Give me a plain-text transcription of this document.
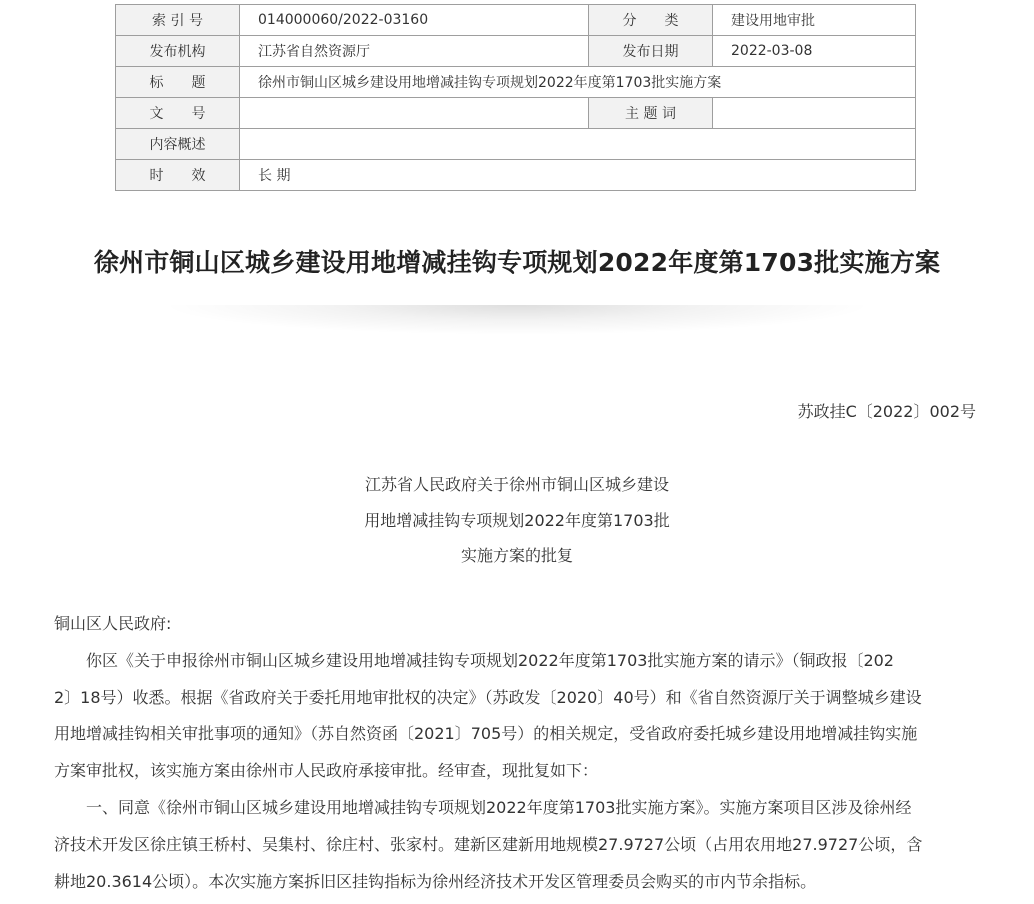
索 引 号	014000060/2022-03160	分　　类	建设用地审批
发布机构	江苏省自然资源厅	发布日期	2022-03-08
标　　题	徐州市铜山区城乡建设用地增减挂钩专项规划2022年度第1703批实施方案		
文　　号		主 题 词	
内容概述			
时　　效	长 期		
徐州市铜山区城乡建设用地增减挂钩专项规划2022年度第1703批实施方案
苏政挂C〔2022〕002号
江苏省人民政府关于徐州市铜山区城乡建设
用地增减挂钩专项规划2022年度第1703批
实施方案的批复
铜山区人民政府:
　　你区《关于申报徐州市铜山区城乡建设用地增减挂钩专项规划2022年度第1703批实施方案的请示》（铜政报〔202
2〕18号）收悉。根据《省政府关于委托用地审批权的决定》（苏政发〔2020〕40号）和《省自然资源厅关于调整城乡建设
用地增减挂钩相关审批事项的通知》（苏自然资函〔2021〕705号）的相关规定，受省政府委托城乡建设用地增减挂钩实施
方案审批权，该实施方案由徐州市人民政府承接审批。经审查，现批复如下：
　　一、同意《徐州市铜山区城乡建设用地增减挂钩专项规划2022年度第1703批实施方案》。实施方案项目区涉及徐州经
济技术开发区徐庄镇王桥村、吴集村、徐庄村、张家村。建新区建新用地规模27.9727公顷（占用农用地27.9727公顷，含
耕地20.3614公顷）。本次实施方案拆旧区挂钩指标为徐州经济技术开发区管理委员会购买的市内节余指标。
